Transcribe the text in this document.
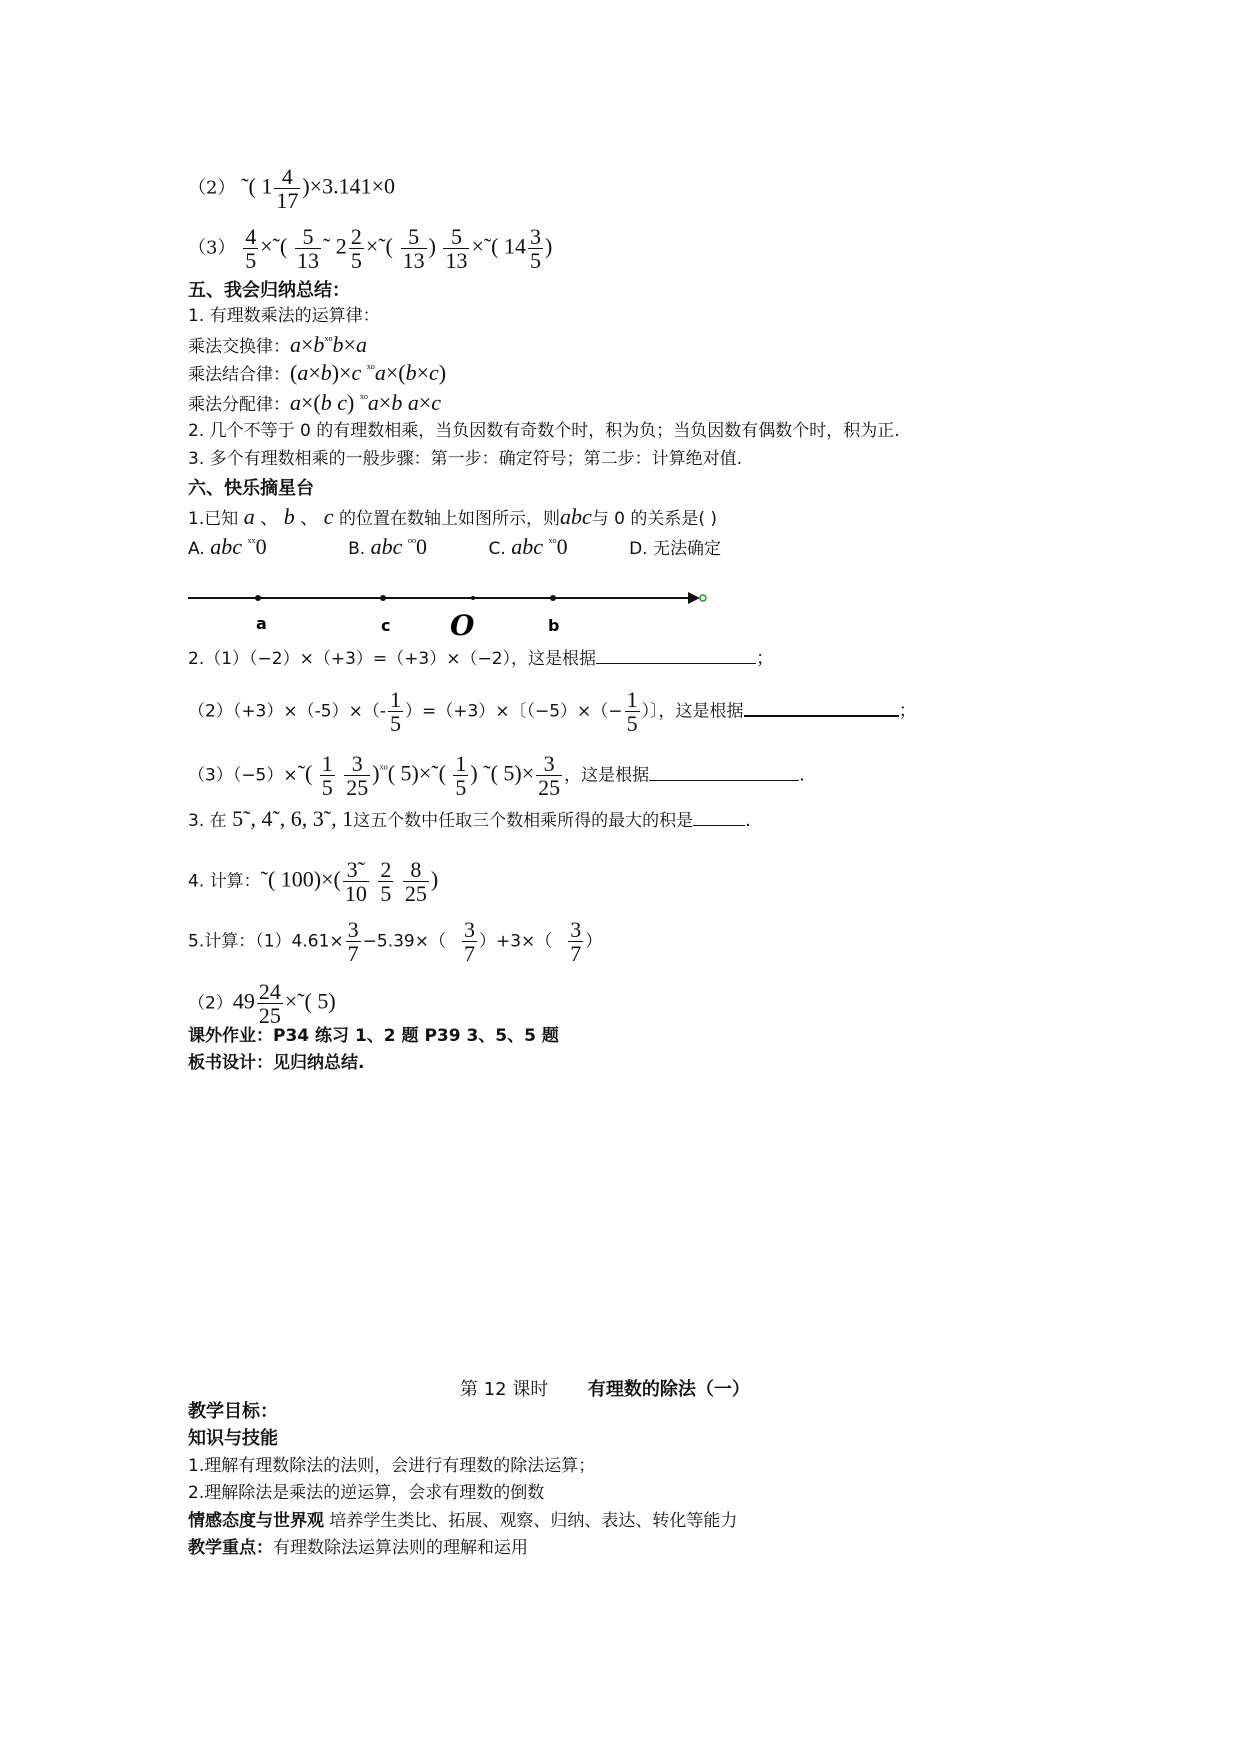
（2） ˜( $1 \frac{4}{17} )\times 3.141\times 0$
$(3) \frac{4}{5}$ ×˜( $\frac{5}{13}$ ˜ $2 \frac{2}{5}$ ×˜( $\frac{5}{13}$ ) $\frac{5}{13}$ ×˜( $14 \frac{3}{5}$ )
五、我会归纳总结：
1. 有理数乘法的运算律：
乘法交换律：$a\times b^{ˣᵒ}b\times a$
乘法结合律：(a×b)×c $^{ˣᵒ}$a×(b×c)
乘法分配律：a×(b c) $^{ˣᵒ}$a×b a×c
2. 几个不等于 0 的有理数相乘，当负因数有奇数个时，积为负；当负因数有偶数个时，积为正.
3. 多个有理数相乘的一般步骤：第一步：确定符号；第二步：计算绝对值.
六、快乐摘星台
1.已知 a 、 b 、 c 的位置在数轴上如图所示，则abc与 0 的关系是( )
A. abc $^{ˣˣ}$0	B. abc $^{ᵒᵒ}$0	C. abc $^{ˣᵒ}$0	D. 无法确定
a	c O	b
2.（1）（−2）×（+3）=（+3）×（−2），这是根据	；
$(2)(+3)\times(-5)\times(- \frac{1}{5} )=(+3)\times$〔$(-5)\times(- \frac{1}{5}$ ）〕，这是根据	；
（3）（−5）×˜( $\frac{1}{5}$
$\frac{3}{25} )^{ˣᵒ}$( 5)×˜( $\frac{1}{5}$ ) ˜( $5)\times \frac{3}{25}$ ，这是根据	.
3. 在 5˜, 4˜, 6, 3˜, 1这五个数中任取三个数相乘所得的最大的积是	.
4. 计算：˜( $100)\times( \frac{3˜}{10}$
$\frac{2}{5}$
$\frac{8}{25}$ )
5.计算：$(1)4.61\times \frac{3}{7} -5.39\times( \frac{3}{7} )+3\times( \frac{3}{7}$ ）
$(2)49 \frac{24}{25}$ ×˜( 5)
课外作业：P34 练习 1、2 题 P39 3、5、5 题
板书设计：见归纳总结.
第 12 课时 有理数的除法（一）
教学目标：
知识与技能
1.理解有理数除法的法则，会进行有理数的除法运算；
2.理解除法是乘法的逆运算，会求有理数的倒数
情感态度与世界观 培养学生类比、拓展、观察、归纳、表达、转化等能力
教学重点：有理数除法运算法则的理解和运用
